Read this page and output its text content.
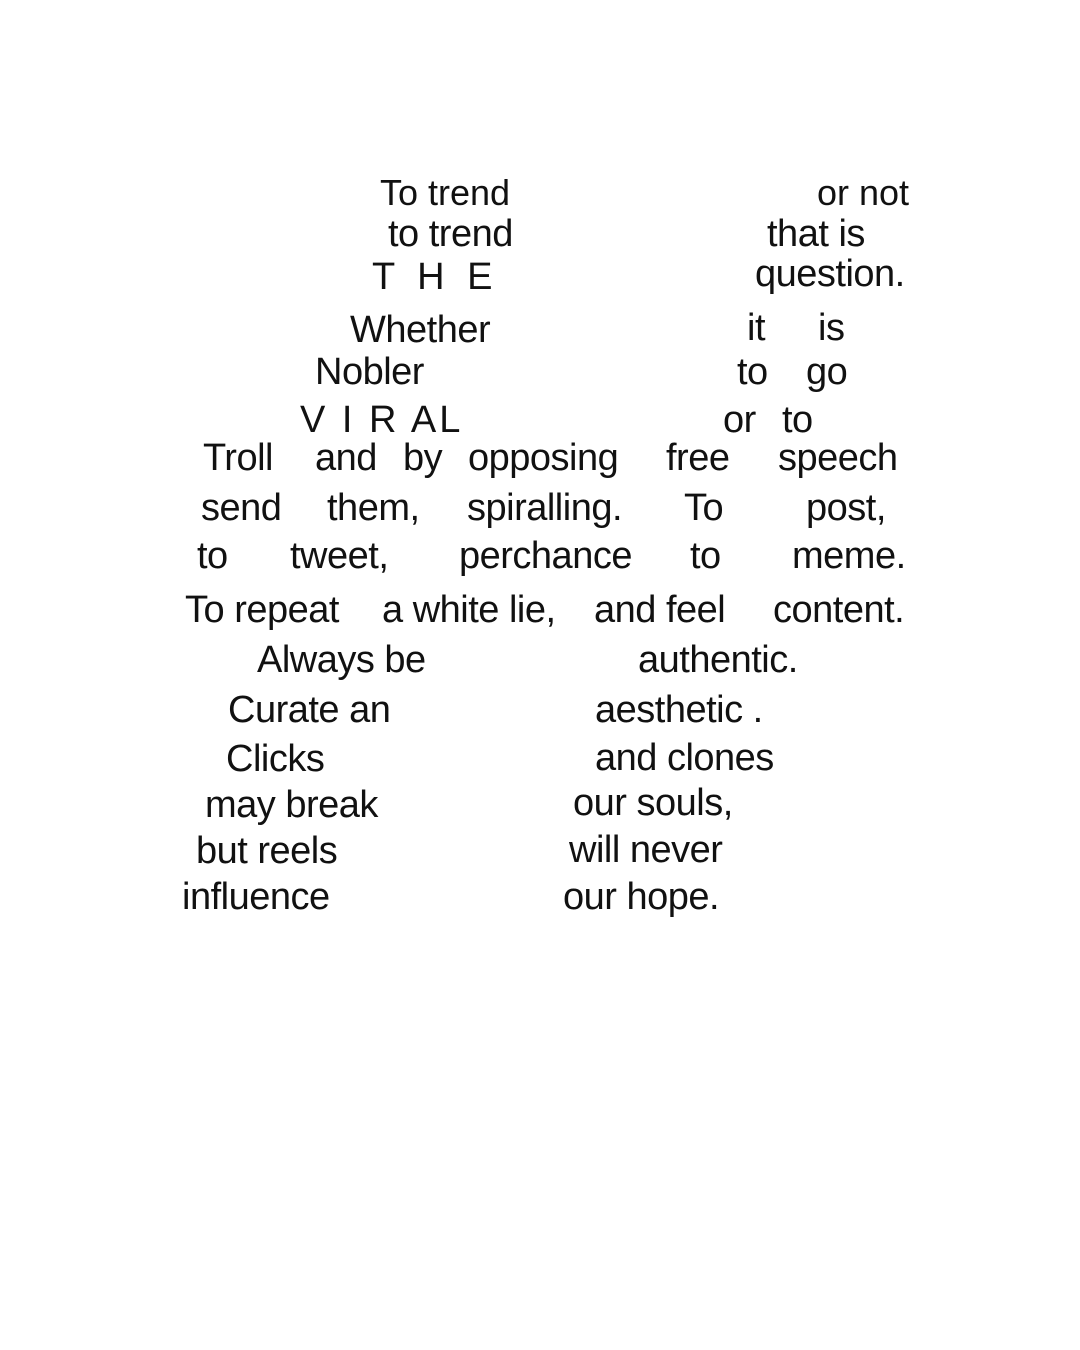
To trend	or not
to trend	that is
T H E	question.
Whether	it is
Nobler	to go
V I R AL	or to
Troll and by opposing free speech
send them, spiralling. To post,
to tweet, perchance to meme.
To repeat a white lie, and feel content.
Always be	authentic.
Curate an	aesthetic .
Clicks	and clones
may break	our souls,
but reels	will never
influence	our hope.
